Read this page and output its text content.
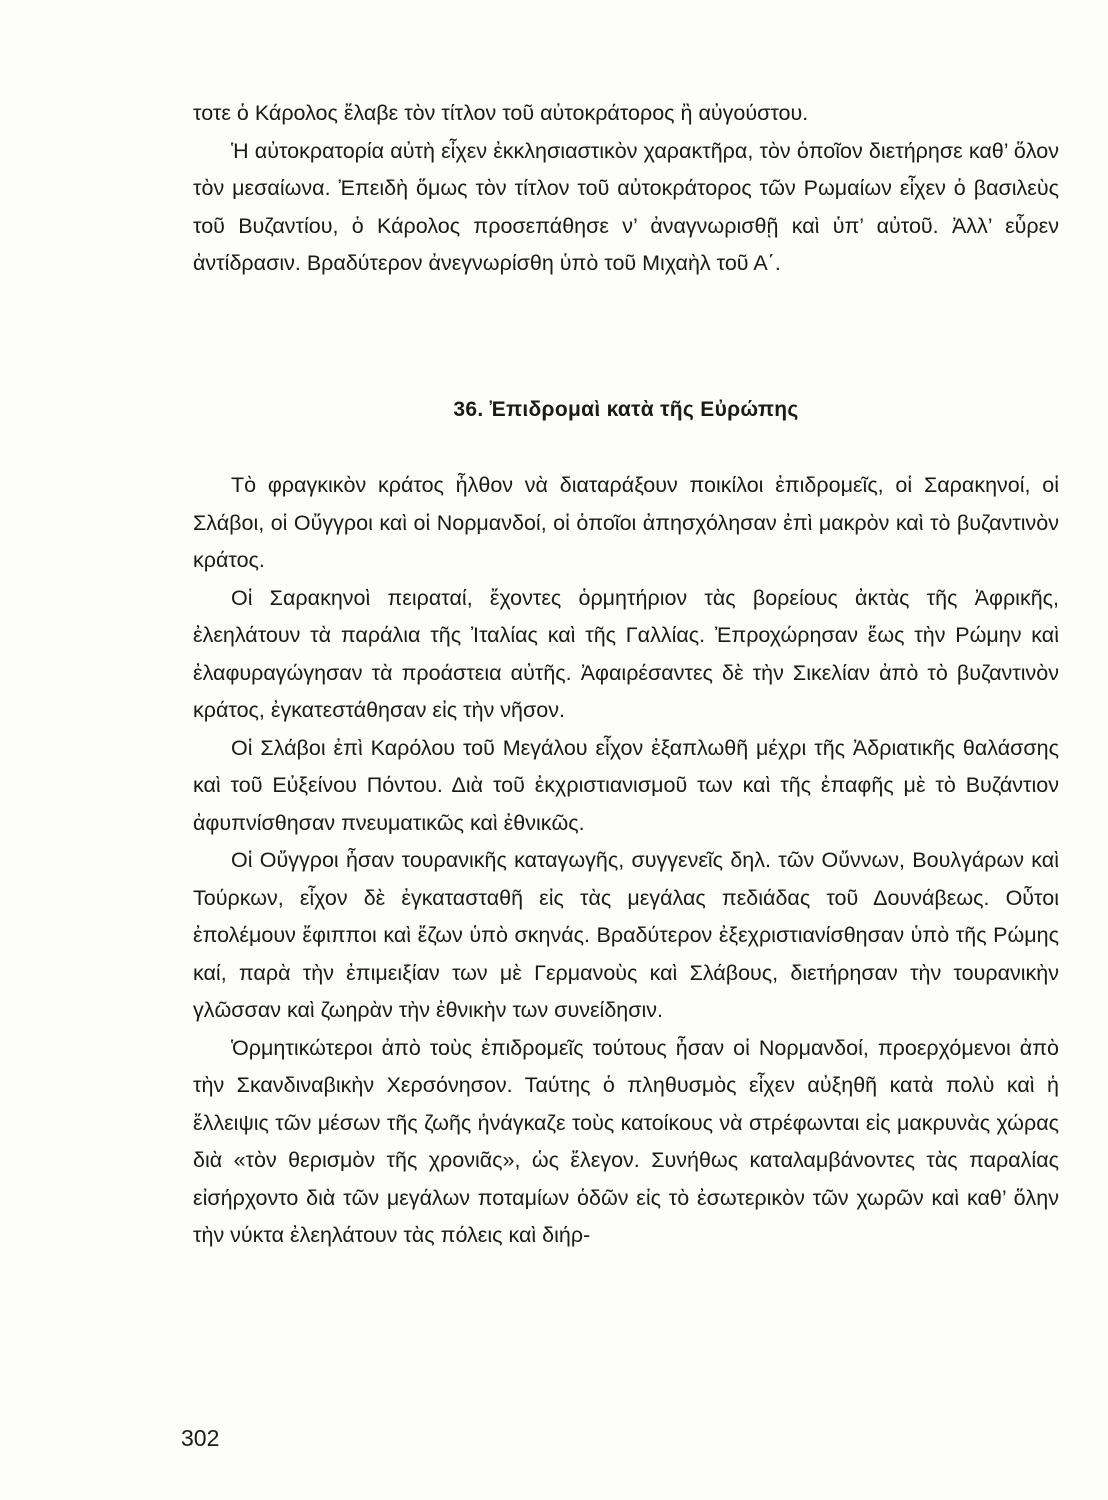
τοτε ὁ Κάρολος ἔλαβε τὸν τίτλον τοῦ αὐτοκράτορος ἢ αὐγούστου.

Ἡ αὐτοκρατορία αὐτὴ εἶχεν ἐκκλησιαστικὸν χαρακτῆρα, τὸν ὁποῖον διετήρησε καθ’ ὅλον τὸν μεσαίωνα. Ἐπειδὴ ὅμως τὸν τίτλον τοῦ αὐτοκράτορος τῶν Ρωμαίων εἶχεν ὁ βασιλεὺς τοῦ Βυζαντίου, ὁ Κάρολος προσεπάθησε ν’ ἀναγνωρισθῇ καὶ ὑπ’ αὐτοῦ. Ἀλλ’ εὗρεν ἀντίδρασιν. Βραδύτερον ἀνεγνωρίσθη ὑπὸ τοῦ Μιχαὴλ τοῦ Α΄.

36. Ἐπιδρομαὶ κατὰ τῆς Εὐρώπης

Τὸ φραγκικὸν κράτος ἦλθον νὰ διαταράξουν ποικίλοι ἐπιδρομεῖς, οἱ Σαρακηνοί, οἱ Σλάβοι, οἱ Οὔγγροι καὶ οἱ Νορμανδοί, οἱ ὁποῖοι ἀπησχόλησαν ἐπὶ μακρὸν καὶ τὸ βυζαντινὸν κράτος.

Οἱ Σαρακηνοὶ πειραταί, ἔχοντες ὁρμητήριον τὰς βορείους ἀκτὰς τῆς Ἀφρικῆς, ἐλεηλάτουν τὰ παράλια τῆς Ἰταλίας καὶ τῆς Γαλλίας. Ἐπροχώρησαν ἕως τὴν Ρώμην καὶ ἐλαφυραγώγησαν τὰ προάστεια αὐτῆς. Ἀφαιρέσαντες δὲ τὴν Σικελίαν ἀπὸ τὸ βυζαντινὸν κράτος, ἐγκατεστάθησαν εἰς τὴν νῆσον.

Οἱ Σλάβοι ἐπὶ Καρόλου τοῦ Μεγάλου εἶχον ἐξαπλωθῆ μέχρι τῆς Ἀδριατικῆς θαλάσσης καὶ τοῦ Εὐξείνου Πόντου. Διὰ τοῦ ἐκχριστιανισμοῦ των καὶ τῆς ἐπαφῆς μὲ τὸ Βυζάντιον ἀφυπνίσθησαν πνευματικῶς καὶ ἐθνικῶς.

Οἱ Οὔγγροι ἦσαν τουρανικῆς καταγωγῆς, συγγενεῖς δηλ. τῶν Οὔννων, Βουλγάρων καὶ Τούρκων, εἶχον δὲ ἐγκατασταθῆ εἰς τὰς μεγάλας πεδιάδας τοῦ Δουνάβεως. Οὗτοι ἐπολέμουν ἔφιπποι καὶ ἔζων ὑπὸ σκηνάς. Βραδύτερον ἐξεχριστιανίσθησαν ὑπὸ τῆς Ρώμης καί, παρὰ τὴν ἐπιμειξίαν των μὲ Γερμανοὺς καὶ Σλάβους, διετήρησαν τὴν τουρανικὴν γλῶσσαν καὶ ζωηρὰν τὴν ἐθνικὴν των συνείδησιν.

Ὁρμητικώτεροι ἀπὸ τοὺς ἐπιδρομεῖς τούτους ἦσαν οἱ Νορμανδοί, προερχόμενοι ἀπὸ τὴν Σκανδιναβικὴν Χερσόνησον. Ταύτης ὁ πληθυσμὸς εἶχεν αὐξηθῆ κατὰ πολὺ καὶ ἡ ἔλλειψις τῶν μέσων τῆς ζωῆς ἠνάγκαζε τοὺς κατοίκους νὰ στρέφωνται εἰς μακρυνὰς χώρας διὰ «τὸν θερισμὸν τῆς χρονιᾶς», ὡς ἔλεγον. Συνήθως καταλαμβάνοντες τὰς παραλίας εἰσήρχοντο διὰ τῶν μεγάλων ποταμίων ὁδῶν εἰς τὸ ἐσωτερικὸν τῶν χωρῶν καὶ καθ’ ὅλην τὴν νύκτα ἐλεηλάτουν τὰς πόλεις καὶ διήρ-

302
